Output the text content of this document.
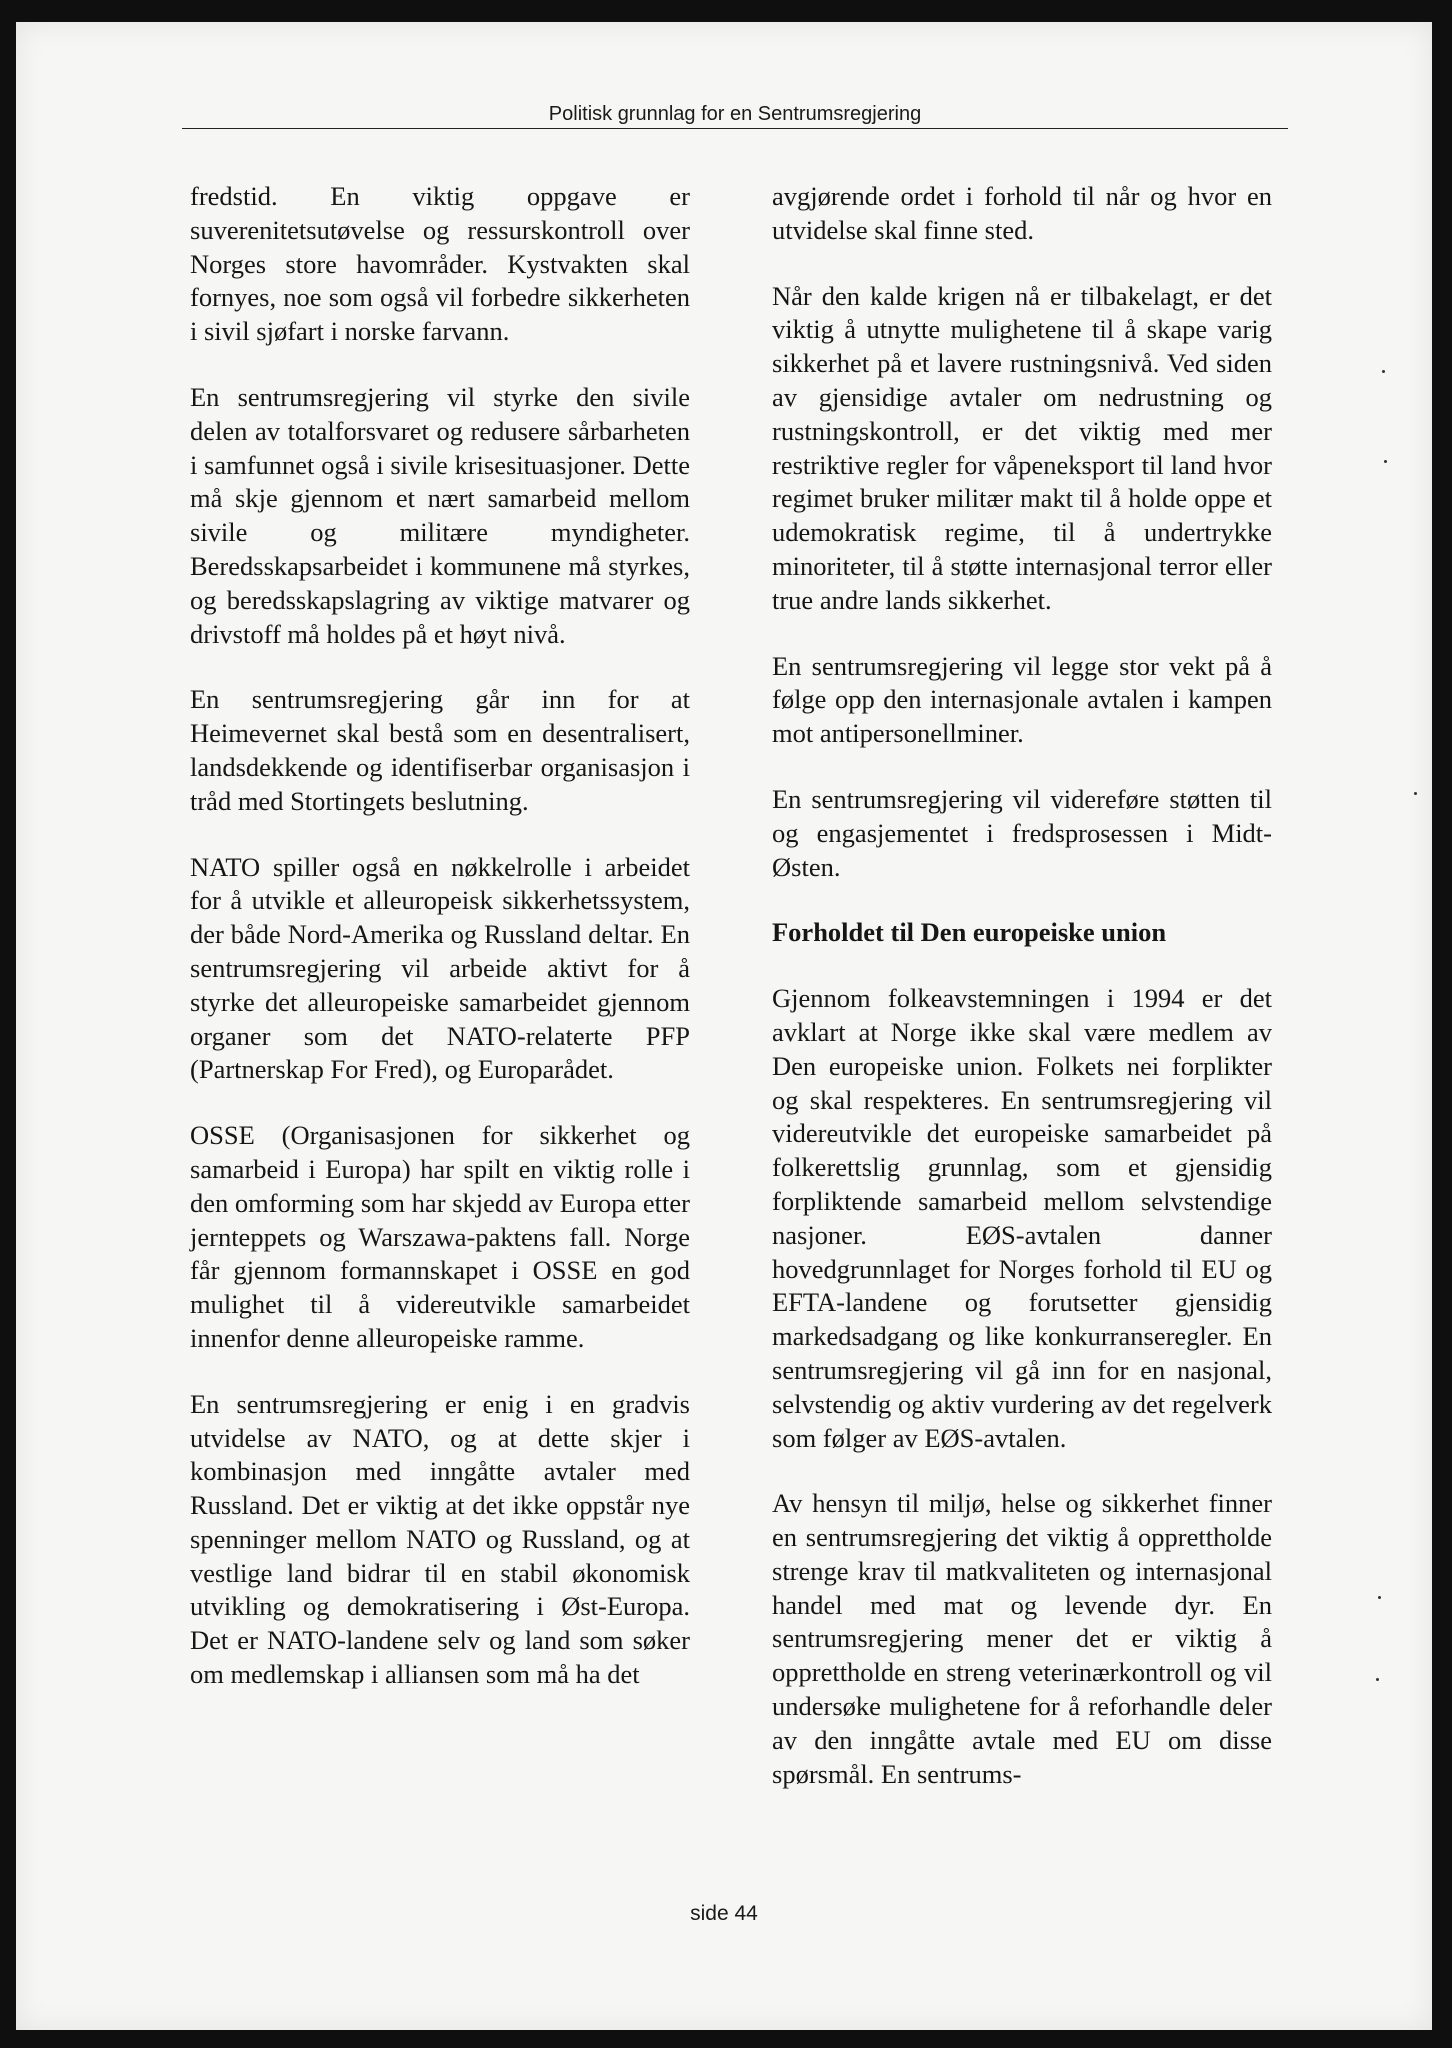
Politisk grunnlag for en Sentrumsregjering

fredstid. En viktig oppgave er suverenitetsutøvelse og ressurskontroll over Norges store havområder. Kystvakten skal fornyes, noe som også vil forbedre sikkerheten i sivil sjøfart i norske farvann.

En sentrumsregjering vil styrke den sivile delen av totalforsvaret og redusere sårbarheten i samfunnet også i sivile krisesituasjoner. Dette må skje gjennom et nært samarbeid mellom sivile og militære myndigheter. Beredsskapsarbeidet i kommunene må styrkes, og beredsskapslagring av viktige matvarer og drivstoff må holdes på et høyt nivå.

En sentrumsregjering går inn for at Heimevernet skal bestå som en desentralisert, landsdekkende og identifiserbar organisasjon i tråd med Stortingets beslutning.

NATO spiller også en nøkkelrolle i arbeidet for å utvikle et alleuropeisk sikkerhetssystem, der både Nord-Amerika og Russland deltar. En sentrumsregjering vil arbeide aktivt for å styrke det alleuropeiske samarbeidet gjennom organer som det NATO-relaterte PFP (Partnerskap For Fred), og Europarådet.

OSSE (Organisasjonen for sikkerhet og samarbeid i Europa) har spilt en viktig rolle i den omforming som har skjedd av Europa etter jernteppets og Warszawa-paktens fall. Norge får gjennom formannskapet i OSSE en god mulighet til å videreutvikle samarbeidet innenfor denne alleuropeiske ramme.

En sentrumsregjering er enig i en gradvis utvidelse av NATO, og at dette skjer i kombinasjon med inngåtte avtaler med Russland. Det er viktig at det ikke oppstår nye spenninger mellom NATO og Russland, og at vestlige land bidrar til en stabil økonomisk utvikling og demokratisering i Øst-Europa. Det er NATO-landene selv og land som søker om medlemskap i alliansen som må ha det

avgjørende ordet i forhold til når og hvor en utvidelse skal finne sted.

Når den kalde krigen nå er tilbakelagt, er det viktig å utnytte mulighetene til å skape varig sikkerhet på et lavere rustningsnivå. Ved siden av gjensidige avtaler om nedrustning og rustningskontroll, er det viktig med mer restriktive regler for våpeneksport til land hvor regimet bruker militær makt til å holde oppe et udemokratisk regime, til å undertrykke minoriteter, til å støtte internasjonal terror eller true andre lands sikkerhet.

En sentrumsregjering vil legge stor vekt på å følge opp den internasjonale avtalen i kampen mot antipersonellminer.

En sentrumsregjering vil videreføre støtten til og engasjementet i fredsprosessen i Midt-Østen.

Forholdet til Den europeiske union

Gjennom folkeavstemningen i 1994 er det avklart at Norge ikke skal være medlem av Den europeiske union. Folkets nei forplikter og skal respekteres. En sentrumsregjering vil videreutvikle det europeiske samarbeidet på folkerettslig grunnlag, som et gjensidig forpliktende samarbeid mellom selvstendige nasjoner. EØS-avtalen danner hovedgrunnlaget for Norges forhold til EU og EFTA-landene og forutsetter gjensidig markedsadgang og like konkurranseregler. En sentrumsregjering vil gå inn for en nasjonal, selvstendig og aktiv vurdering av det regelverk som følger av EØS-avtalen.

Av hensyn til miljø, helse og sikkerhet finner en sentrumsregjering det viktig å opprettholde strenge krav til matkvaliteten og internasjonal handel med mat og levende dyr. En sentrumsregjering mener det er viktig å opprettholde en streng veterinærkontroll og vil undersøke mulighetene for å reforhandle deler av den inngåtte avtale med EU om disse spørsmål. En sentrums-

side 44
